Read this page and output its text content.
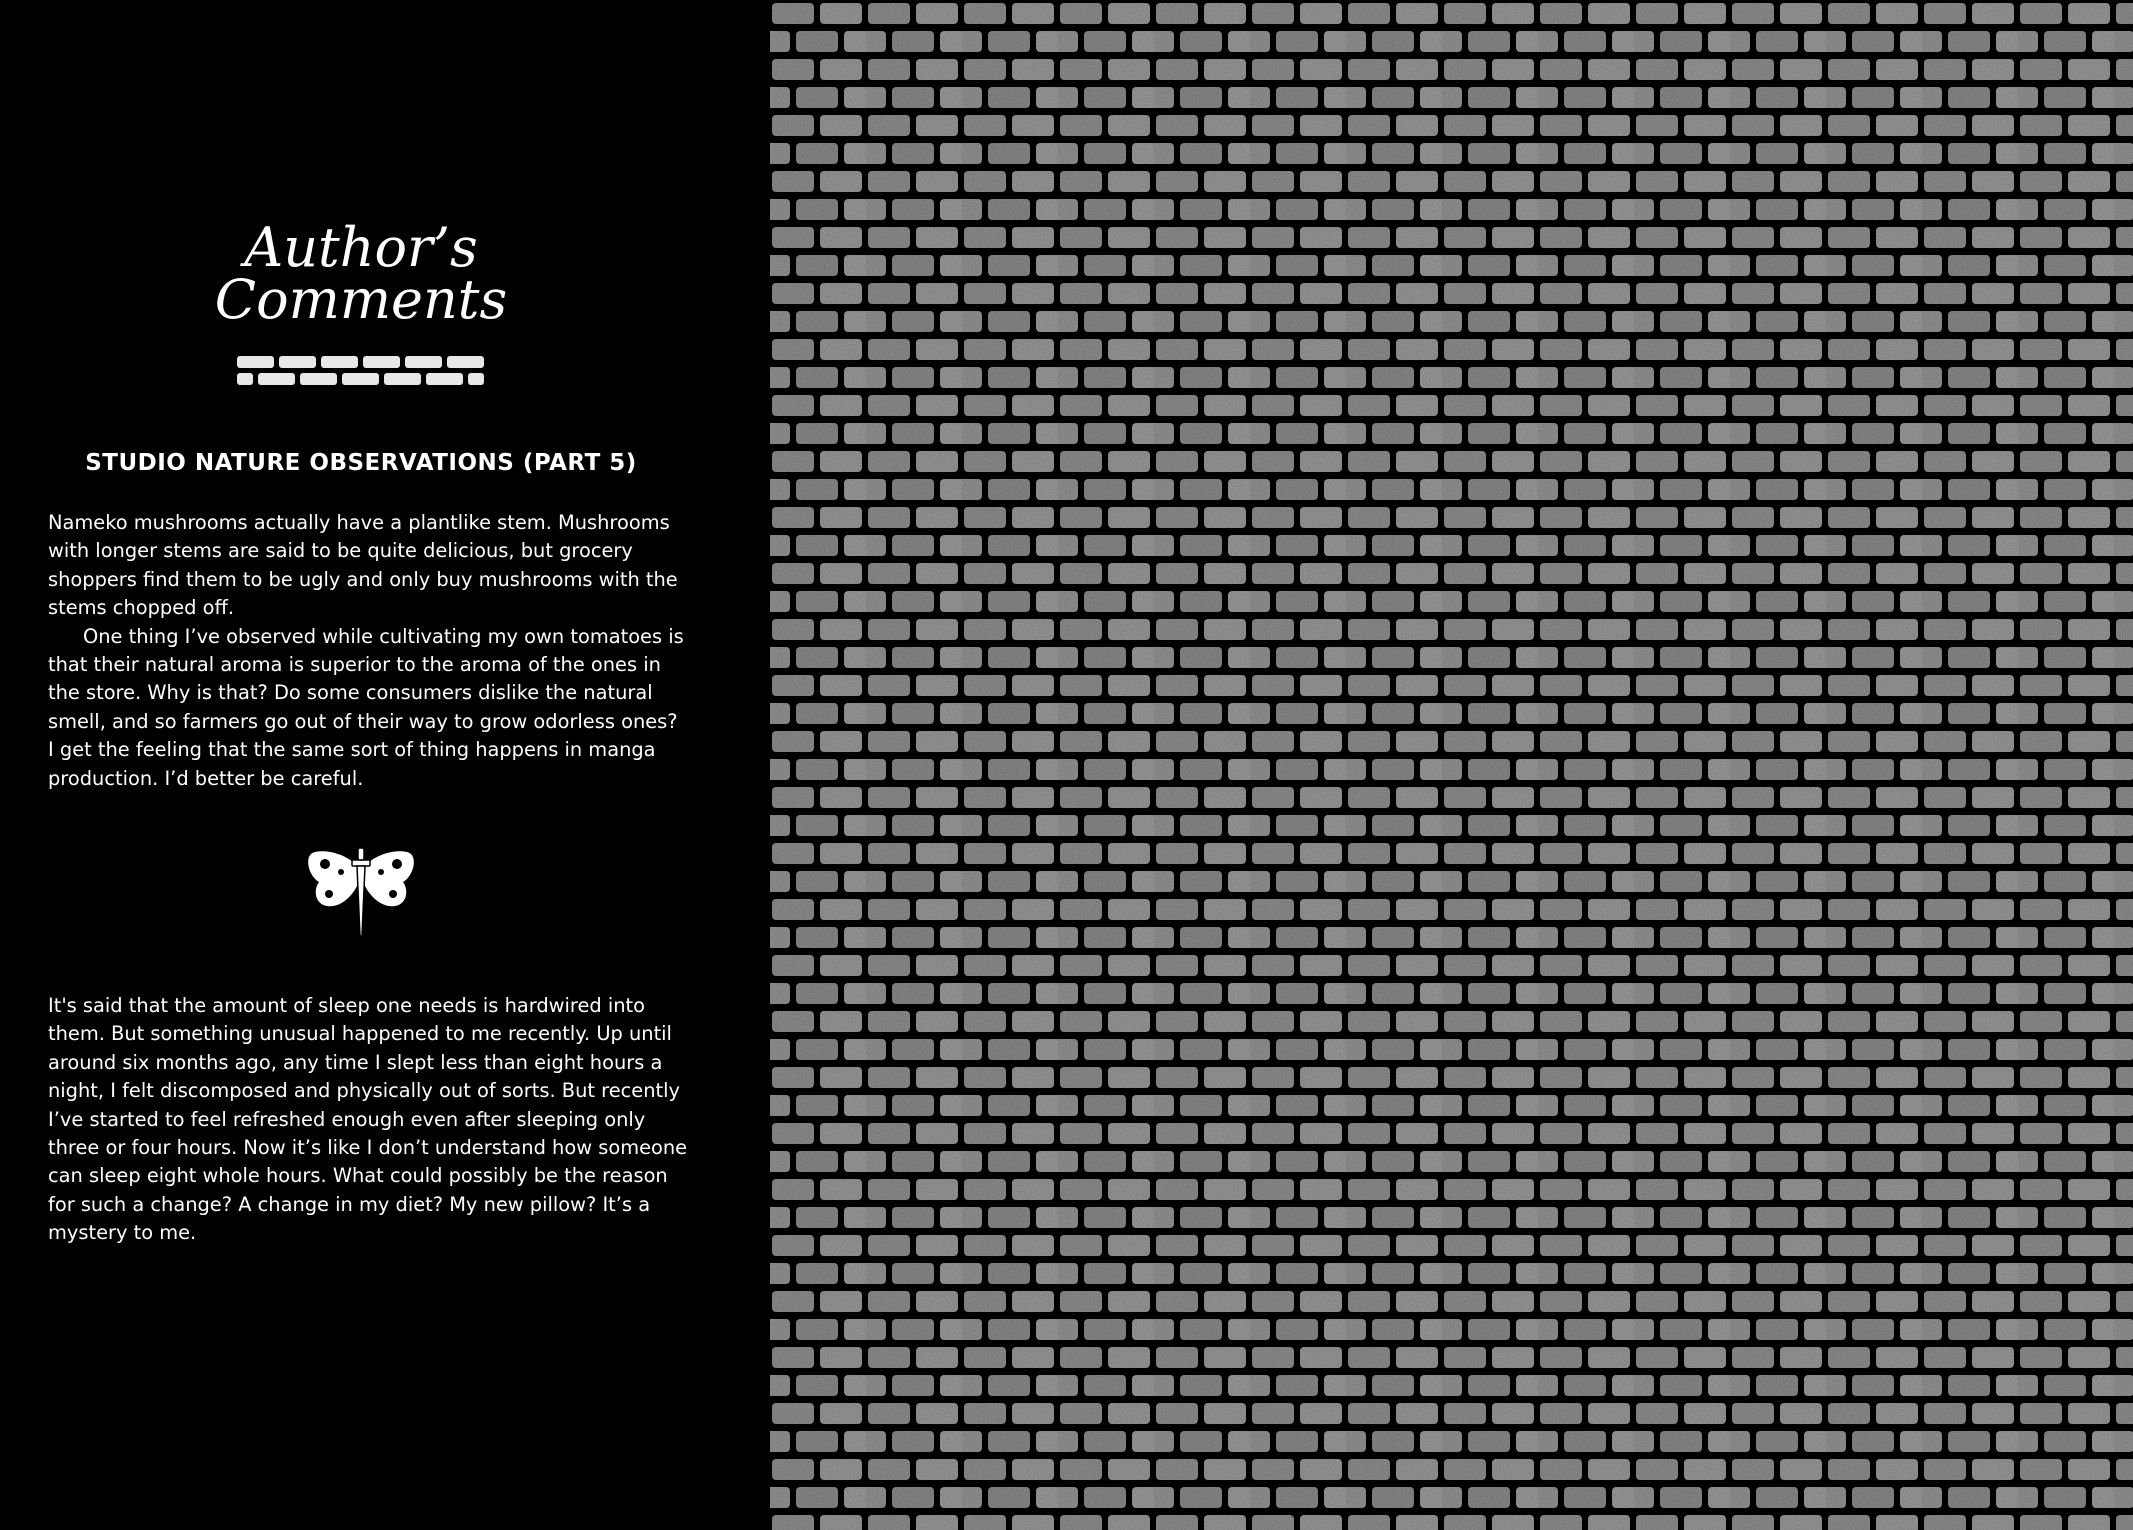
Author’s
Comments
STUDIO NATURE OBSERVATIONS (PART 5)

Nameko mushrooms actually have a plantlike stem. Mushrooms with longer stems are said to be quite delicious, but grocery shoppers find them to be ugly and only buy mushrooms with the stems chopped off.

One thing I’ve observed while cultivating my own tomatoes is that their natural aroma is superior to the aroma of the ones in the store. Why is that? Do some consumers dislike the natural smell, and so farmers go out of their way to grow odorless ones? I get the feeling that the same sort of thing happens in manga production. I’d better be careful.

It's said that the amount of sleep one needs is hardwired into them. But something unusual happened to me recently. Up until around six months ago, any time I slept less than eight hours a night, I felt discomposed and physically out of sorts. But recently I’ve started to feel refreshed enough even after sleeping only three or four hours. Now it’s like I don’t understand how someone can sleep eight whole hours. What could possibly be the reason for such a change? A change in my diet? My new pillow? It’s a mystery to me.
